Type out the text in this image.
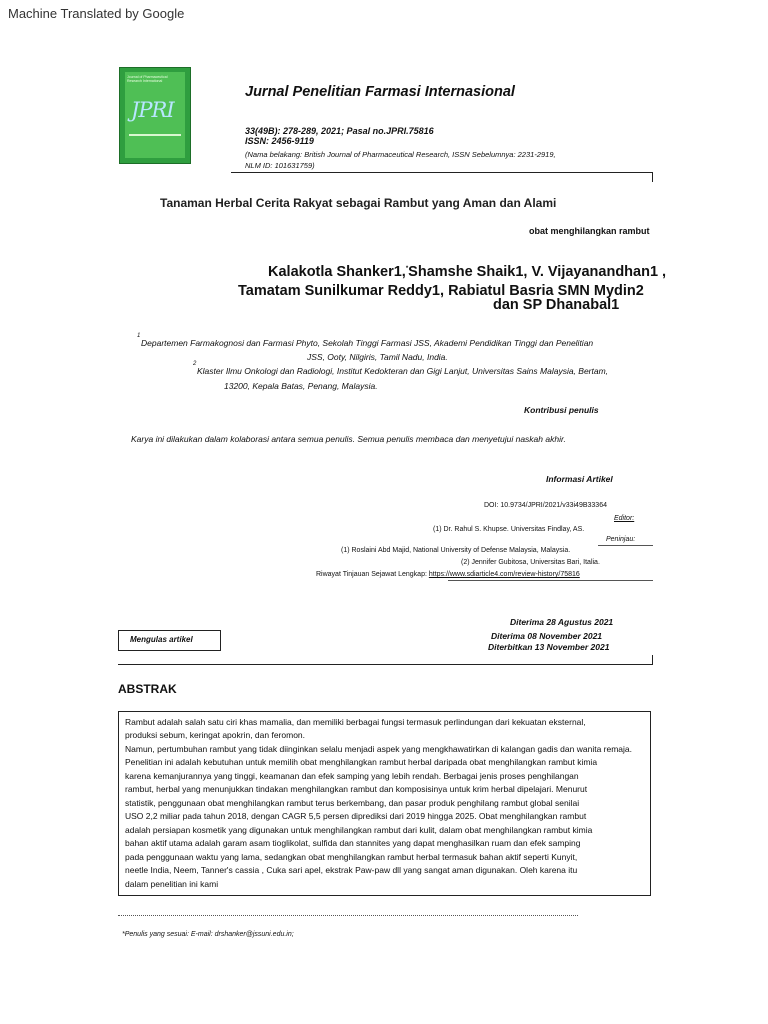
Machine Translated by Google
Journal of Pharmaceutical Research International
JPRI
Jurnal Penelitian Farmasi Internasional
33(49B): 278-289, 2021; Pasal no.JPRI.75816
ISSN: 2456-9119
(Nama belakang: British Journal of Pharmaceutical Research, ISSN Sebelumnya: 2231-2919,
NLM ID: 101631759)
Tanaman Herbal Cerita Rakyat sebagai Rambut yang Aman dan Alami
obat menghilangkan rambut
Kalakotla Shanker1,*Shamshe Shaik1, V. Vijayanandhan1 ,
Tamatam Sunilkumar Reddy1, Rabiatul Basria SMN Mydin2
dan SP Dhanabal1
1
Departemen Farmakognosi dan Farmasi Phyto, Sekolah Tinggi Farmasi JSS, Akademi Pendidikan Tinggi dan Penelitian
JSS, Ooty, Nilgiris, Tamil Nadu, India.
2
Klaster Ilmu Onkologi dan Radiologi, Institut Kedokteran dan Gigi Lanjut, Universitas Sains Malaysia, Bertam,
13200, Kepala Batas, Penang, Malaysia.
Kontribusi penulis
Karya ini dilakukan dalam kolaborasi antara semua penulis. Semua penulis membaca dan menyetujui naskah akhir.
Informasi Artikel
DOI: 10.9734/JPRI/2021/v33i49B33364
Editor:
(1) Dr. Rahul S. Khupse. Universitas Findlay, AS.
Peninjau:
(1) Roslaini Abd Majid, National University of Defense Malaysia, Malaysia.
(2) Jennifer Gubitosa, Universitas Bari, Italia.
Riwayat Tinjauan Sejawat Lengkap: https://www.sdiarticle4.com/review-history/75816
Diterima 28 Agustus 2021
Diterima 08 November 2021
Diterbitkan 13 November 2021
Mengulas artikel
ABSTRAK
Rambut adalah salah satu ciri khas mamalia, dan memiliki berbagai fungsi termasuk perlindungan dari kekuatan eksternal,
produksi sebum, keringat apokrin, dan feromon.
Namun, pertumbuhan rambut yang tidak diinginkan selalu menjadi aspek yang mengkhawatirkan di kalangan gadis dan wanita remaja.
Penelitian ini adalah kebutuhan untuk memilih obat menghilangkan rambut herbal daripada obat menghilangkan rambut kimia
karena kemanjurannya yang tinggi, keamanan dan efek samping yang lebih rendah. Berbagai jenis proses penghilangan
rambut, herbal yang menunjukkan tindakan menghilangkan rambut dan komposisinya untuk krim herbal dipelajari. Menurut
statistik, penggunaan obat menghilangkan rambut terus berkembang, dan pasar produk penghilang rambut global senilai
USO 2,2 miliar pada tahun 2018, dengan CAGR 5,5 persen diprediksi dari 2019 hingga 2025. Obat menghilangkan rambut
adalah persiapan kosmetik yang digunakan untuk menghilangkan rambut dari kulit, dalam obat menghilangkan rambut kimia
bahan aktif utama adalah garam asam tioglikolat, sulfida dan stannites yang dapat menghasilkan ruam dan efek samping
pada penggunaan waktu yang lama, sedangkan obat menghilangkan rambut herbal termasuk bahan aktif seperti Kunyit,
neetle India, Neem, Tanner's cassia , Cuka sari apel, ekstrak Paw-paw dll yang sangat aman digunakan. Oleh karena itu
dalam penelitian ini kami
*Penulis yang sesuai: E-mail: drshanker@jssuni.edu.in;
